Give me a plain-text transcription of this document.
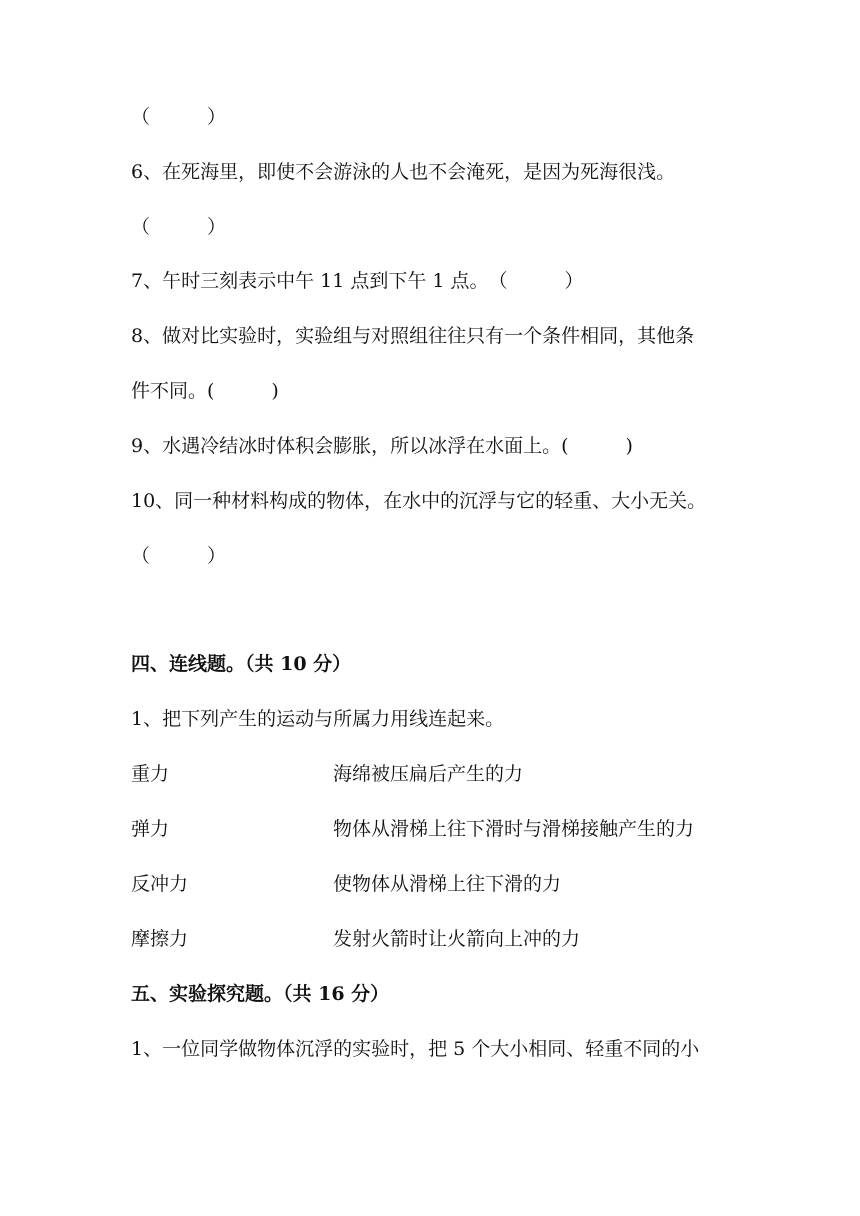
（　　　）
6、在死海里，即使不会游泳的人也不会淹死，是因为死海很浅。
（　　　）
7、午时三刻表示中午 11 点到下午 1 点。　（　　　）
8、做对比实验时，实验组与对照组往往只有一个条件相同，其他条
件不同。(　　　)
9、水遇冷结冰时体积会膨胀，所以冰浮在水面上。(　　　)
10、同一种材料构成的物体，在水中的沉浮与它的轻重、大小无关。
（　　　）
四、连线题。（共 10 分）
1、把下列产生的运动与所属力用线连起来。
重力	海绵被压扁后产生的力
弹力	物体从滑梯上往下滑时与滑梯接触产生的力
反冲力	使物体从滑梯上往下滑的力
摩擦力	发射火箭时让火箭向上冲的力
五、实验探究题。（共 16 分）
1、一位同学做物体沉浮的实验时，把 5 个大小相同、轻重不同的小
